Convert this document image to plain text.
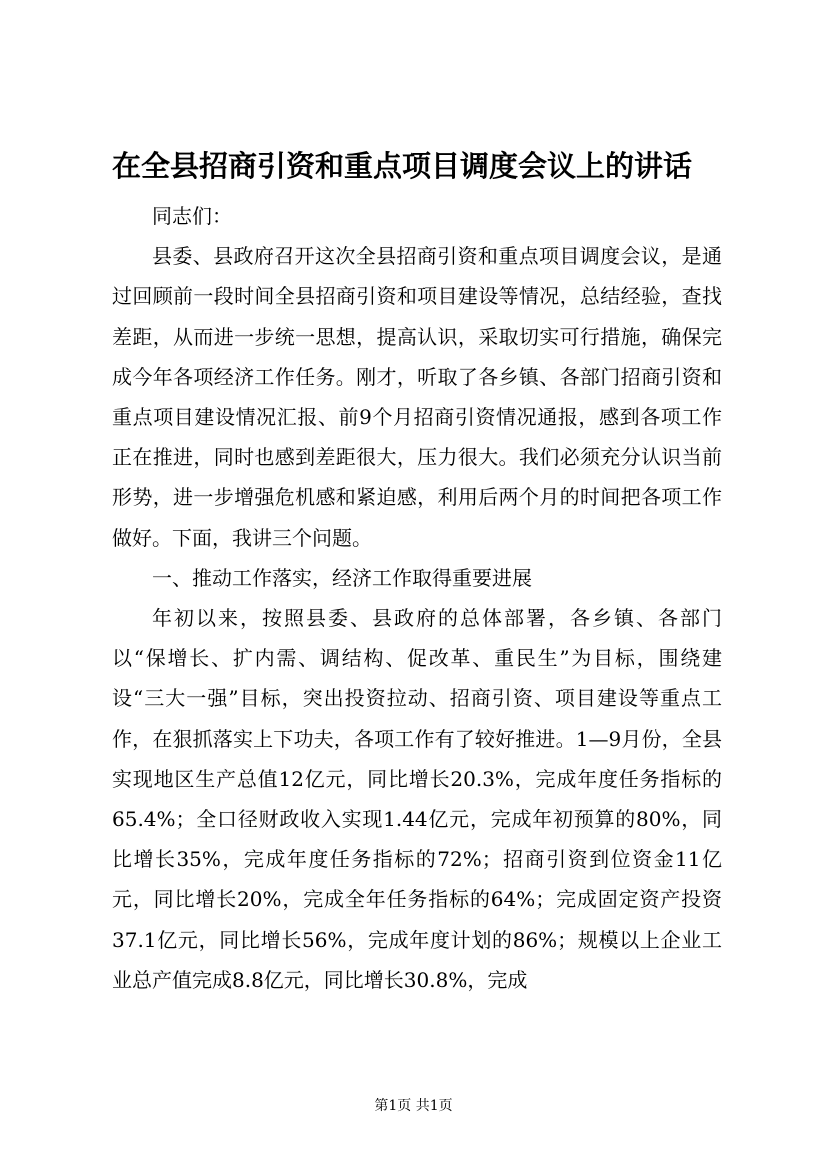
在全县招商引资和重点项目调度会议上的讲话

同志们：

县委、县政府召开这次全县招商引资和重点项目调度会议，是通过回顾前一段时间全县招商引资和项目建设等情况，总结经验，查找差距，从而进一步统一思想，提高认识，采取切实可行措施，确保完成今年各项经济工作任务。刚才，听取了各乡镇、各部门招商引资和重点项目建设情况汇报、前9个月招商引资情况通报，感到各项工作正在推进，同时也感到差距很大，压力很大。我们必须充分认识当前形势，进一步增强危机感和紧迫感，利用后两个月的时间把各项工作做好。下面，我讲三个问题。

一、推动工作落实，经济工作取得重要进展

年初以来，按照县委、县政府的总体部署，各乡镇、各部门以“保增长、扩内需、调结构、促改革、重民生”为目标，围绕建设“三大一强”目标，突出投资拉动、招商引资、项目建设等重点工作，在狠抓落实上下功夫，各项工作有了较好推进。1—9月份，全县实现地区生产总值12亿元，同比增长20.3%，完成年度任务指标的65.4%；全口径财政收入实现1.44亿元，完成年初预算的80%，同比增长35%，完成年度任务指标的72%；招商引资到位资金11亿元，同比增长20%，完成全年任务指标的64%；完成固定资产投资37.1亿元，同比增长56%，完成年度计划的86%；规模以上企业工业总产值完成8.8亿元，同比增长30.8%，完成

第1页 共1页
